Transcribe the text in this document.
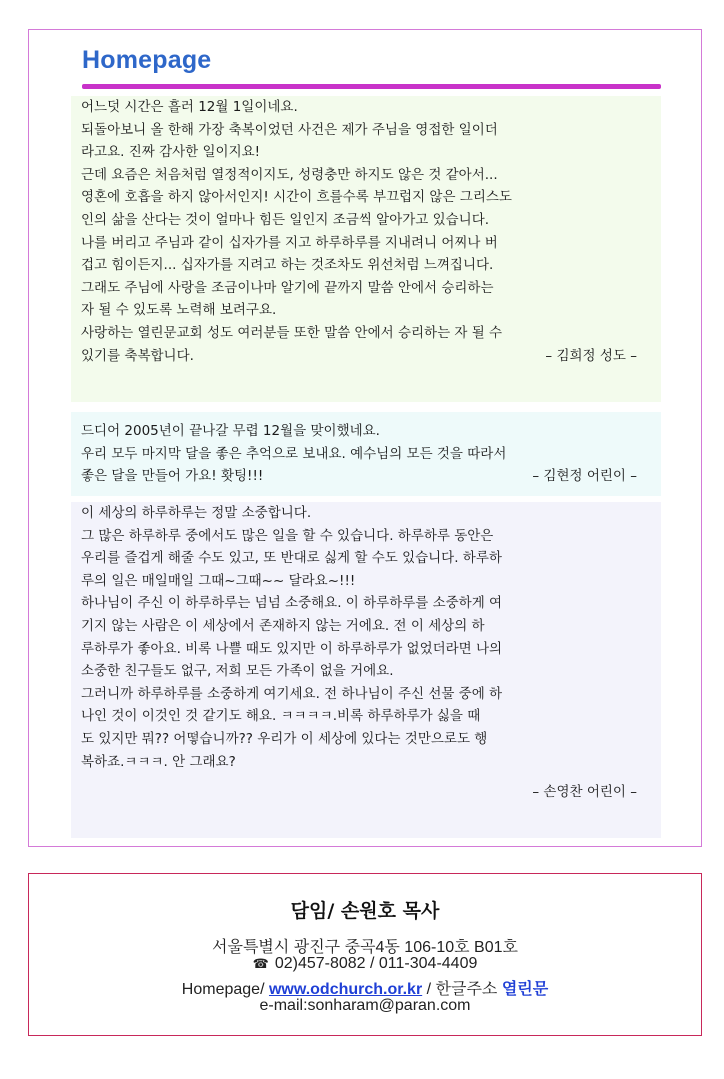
Homepage
어느덧 시간은 흘러 12월 1일이네요.
되돌아보니 올 한해 가장 축복이었던 사건은 제가 주님을 영접한 일이더
라고요. 진짜 감사한 일이지요!
근데 요즘은 처음처럼 열정적이지도, 성령충만 하지도 않은 것 같아서...
영혼에 호흡을 하지 않아서인지! 시간이 흐를수록 부끄럽지 않은 그리스도
인의 삶을 산다는 것이 얼마나 힘든 일인지 조금씩 알아가고 있습니다.
나를 버리고 주님과 같이 십자가를 지고 하루하루를 지내려니 어찌나 버
겁고 힘이든지... 십자가를 지려고 하는 것조차도 위선처럼 느껴집니다.
그래도 주님에 사랑을 조금이나마 알기에 끝까지 말씀 안에서 승리하는
자 될 수 있도록 노력해 보려구요.
사랑하는 열린문교회 성도 여러분들 또한 말씀 안에서 승리하는 자 될 수
있기를 축복합니다.	– 김희정 성도 –
드디어 2005년이 끝나갈 무렵 12월을 맞이했네요.
우리 모두 마지막 달을 좋은 추억으로 보내요. 예수님의 모든 것을 따라서
좋은 달을 만들어 가요! 홧팅!!!	– 김현정 어린이 –
이 세상의 하루하루는 정말 소중합니다.
그 많은 하루하루 중에서도 많은 일을 할 수 있습니다. 하루하루 동안은
우리를 즐겁게 해줄 수도 있고, 또 반대로 싫게 할 수도 있습니다. 하루하
루의 일은 매일매일 그때~그때~~ 달라요~!!!
하나님이 주신 이 하루하루는 넘넘 소중해요. 이 하루하루를 소중하게 여
기지 않는 사람은 이 세상에서 존재하지 않는 거에요. 전 이 세상의 하
루하루가 좋아요. 비록 나쁠 때도 있지만 이 하루하루가 없었더라면 나의
소중한 친구들도 없구, 저희 모든 가족이 없을 거에요.
그러니까 하루하루를 소중하게 여기세요. 전 하나님이 주신 선물 중에 하
나인 것이 이것인 것 같기도 해요. ㅋㅋㅋㅋ.비록 하루하루가 싫을 때
도 있지만 뭐?? 어떻습니까?? 우리가 이 세상에 있다는 것만으로도 행
복하죠.ㅋㅋㅋ. 안 그래요?
– 손영찬 어린이 –
담임/ 손원호 목사
서울특별시 광진구 중곡4동 106-10호 B01호
☎ 02)457-8082 / 011-304-4409
Homepage/ www.odchurch.or.kr / 한글주소 열린문
e-mail:sonharam@paran.com
